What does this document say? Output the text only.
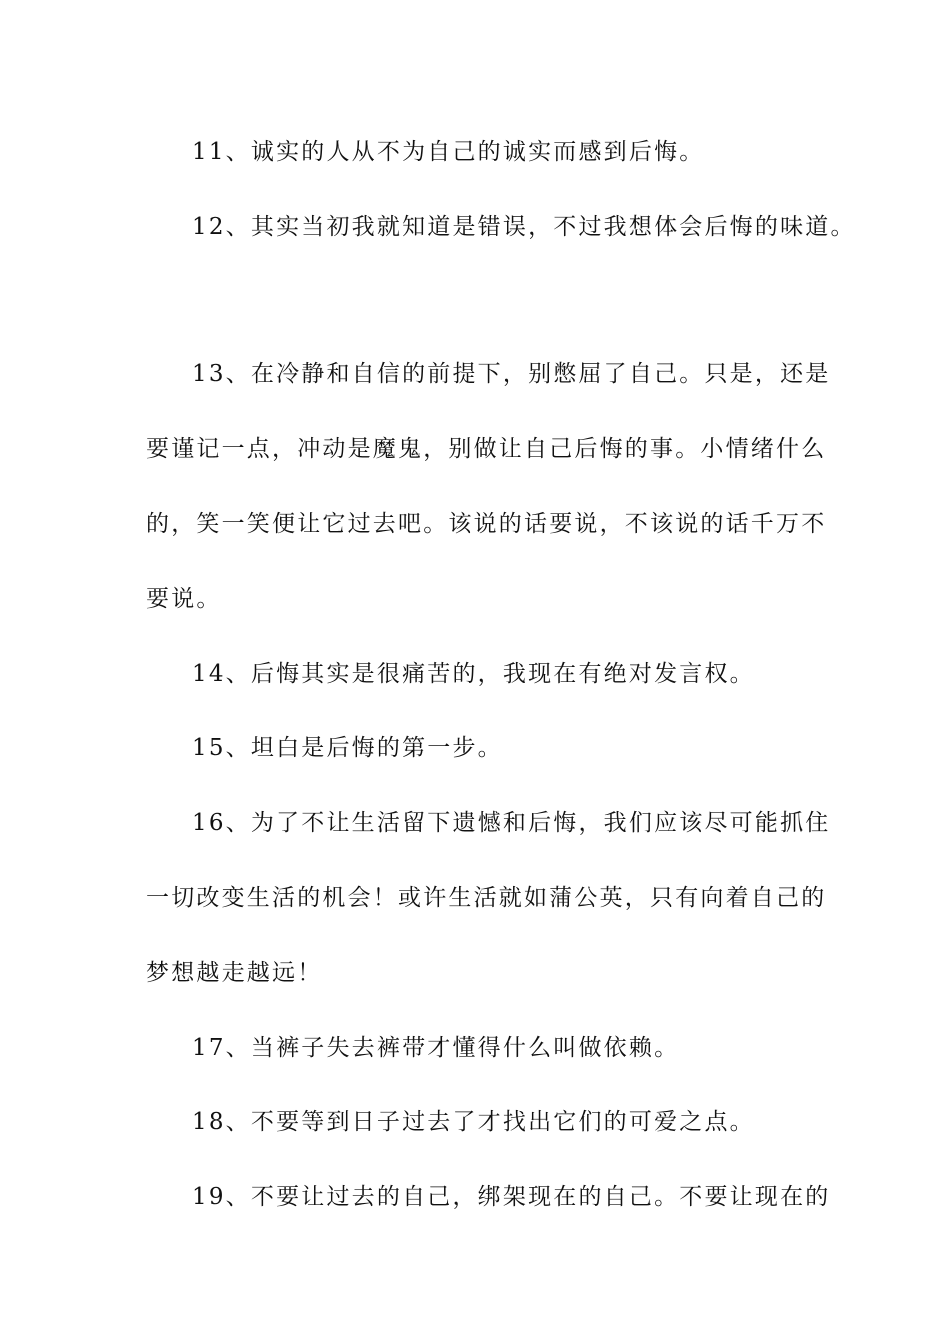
11、诚实的人从不为自己的诚实而感到后悔。
12、其实当初我就知道是错误，不过我想体会后悔的味道。
13、在冷静和自信的前提下，别憋屈了自己。只是，还是
要谨记一点，冲动是魔鬼，别做让自己后悔的事。小情绪什么
的，笑一笑便让它过去吧。该说的话要说，不该说的话千万不
要说。
14、后悔其实是很痛苦的，我现在有绝对发言权。
15、坦白是后悔的第一步。
16、为了不让生活留下遗憾和后悔，我们应该尽可能抓住
一切改变生活的机会！或许生活就如蒲公英，只有向着自己的
梦想越走越远！
17、当裤子失去裤带才懂得什么叫做依赖。
18、不要等到日子过去了才找出它们的可爱之点。
19、不要让过去的自己，绑架现在的自己。不要让现在的
